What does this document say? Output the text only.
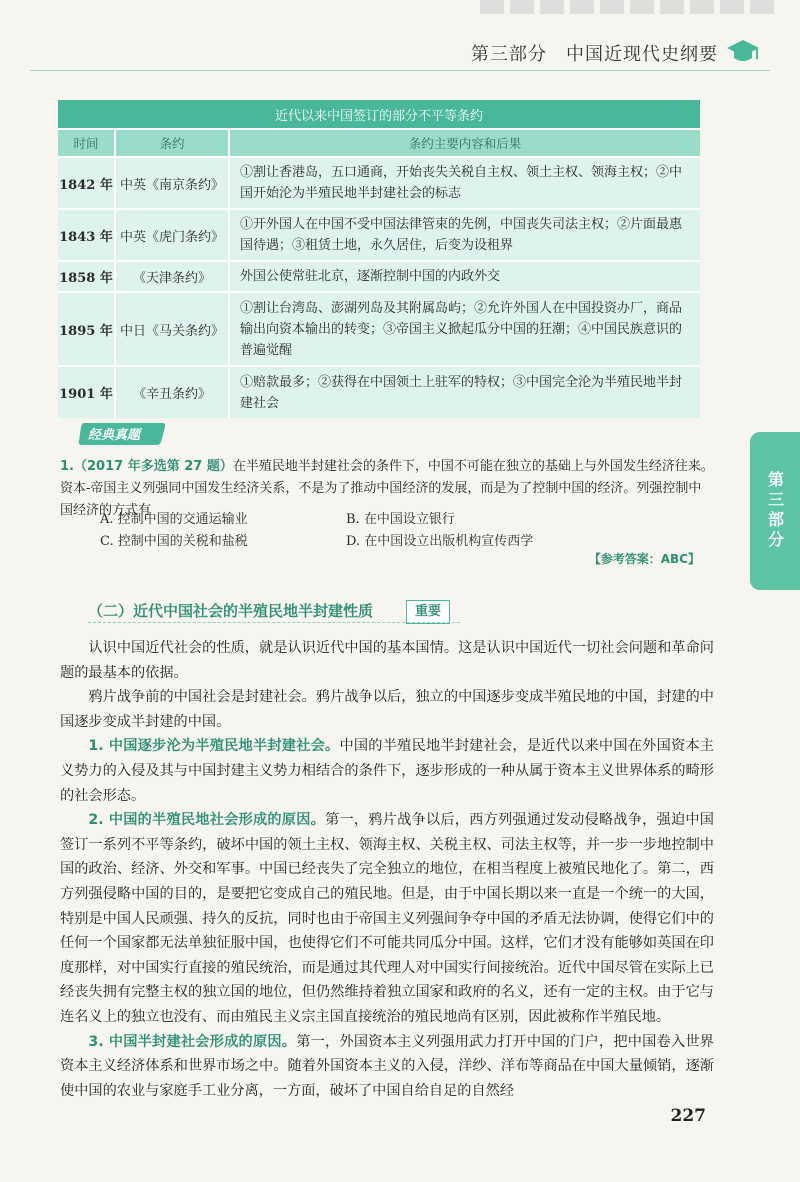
第三部分　中国近现代史纲要
近代以来中国签订的部分不平等条约		
时间	条约	条约主要内容和后果
1842 年	中英《南京条约》	①割让香港岛，五口通商，开始丧失关税自主权、领土主权、领海主权；②中国开始沦为半殖民地半封建社会的标志
1843 年	中英《虎门条约》	①开外国人在中国不受中国法律管束的先例，中国丧失司法主权；②片面最惠国待遇；③租赁土地，永久居住，后变为设租界
1858 年	《天津条约》	外国公使常驻北京，逐渐控制中国的内政外交
1895 年	中日《马关条约》	①割让台湾岛、澎湖列岛及其附属岛屿；②允许外国人在中国投资办厂，商品输出向资本输出的转变；③帝国主义掀起瓜分中国的狂潮；④中国民族意识的普遍觉醒
1901 年	《辛丑条约》	①赔款最多；②获得在中国领土上驻军的特权；③中国完全沦为半殖民地半封建社会
经典真题
1.（2017 年多选第 27 题）在半殖民地半封建社会的条件下，中国不可能在独立的基础上与外国发生经济往来。资本-帝国主义列强同中国发生经济关系，不是为了推动中国经济的发展，而是为了控制中国的经济。列强控制中国经济的方式有
A. 控制中国的交通运输业	B. 在中国设立银行
C. 控制中国的关税和盐税	D. 在中国设立出版机构宣传西学
【参考答案：ABC】
（二）近代中国社会的半殖民地半封建性质	重要

认识中国近代社会的性质，就是认识近代中国的基本国情。这是认识中国近代一切社会问题和革命问题的最基本的依据。

鸦片战争前的中国社会是封建社会。鸦片战争以后，独立的中国逐步变成半殖民地的中国，封建的中国逐步变成半封建的中国。

1. 中国逐步沦为半殖民地半封建社会。中国的半殖民地半封建社会，是近代以来中国在外国资本主义势力的入侵及其与中国封建主义势力相结合的条件下，逐步形成的一种从属于资本主义世界体系的畸形的社会形态。

2. 中国的半殖民地社会形成的原因。第一，鸦片战争以后，西方列强通过发动侵略战争，强迫中国签订一系列不平等条约，破坏中国的领土主权、领海主权、关税主权、司法主权等，并一步一步地控制中国的政治、经济、外交和军事。中国已经丧失了完全独立的地位，在相当程度上被殖民地化了。第二，西方列强侵略中国的目的，是要把它变成自己的殖民地。但是，由于中国长期以来一直是一个统一的大国，特别是中国人民顽强、持久的反抗，同时也由于帝国主义列强间争夺中国的矛盾无法协调，使得它们中的任何一个国家都无法单独征服中国，也使得它们不可能共同瓜分中国。这样，它们才没有能够如英国在印度那样，对中国实行直接的殖民统治，而是通过其代理人对中国实行间接统治。近代中国尽管在实际上已经丧失拥有完整主权的独立国的地位，但仍然维持着独立国家和政府的名义，还有一定的主权。由于它与连名义上的独立也没有、而由殖民主义宗主国直接统治的殖民地尚有区别，因此被称作半殖民地。

3. 中国半封建社会形成的原因。第一，外国资本主义列强用武力打开中国的门户，把中国卷入世界资本主义经济体系和世界市场之中。随着外国资本主义的入侵，洋纱、洋布等商品在中国大量倾销，逐渐使中国的农业与家庭手工业分离，一方面，破坏了中国自给自足的自然经

第三部分
227
